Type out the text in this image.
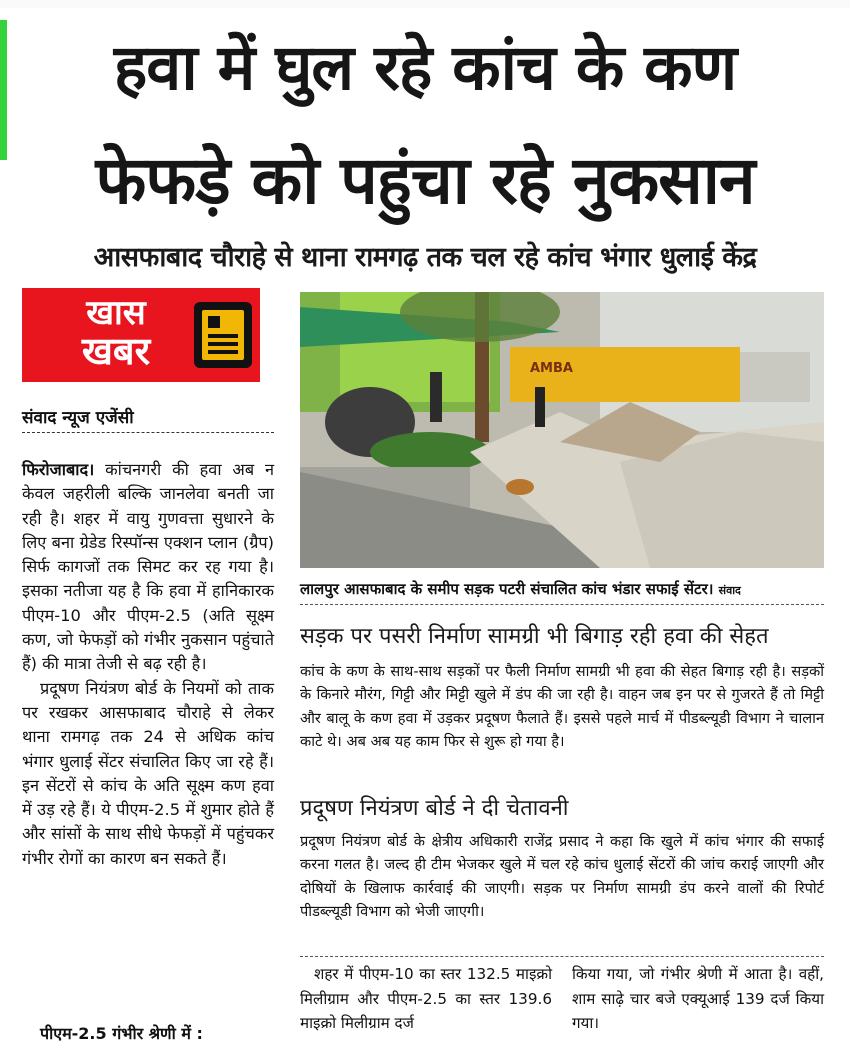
हवा में घुल रहे कांच के कण
फेफड़े को पहुंचा रहे नुकसान
आसफाबाद चौराहे से थाना रामगढ़ तक चल रहे कांच भंगार धुलाई केंद्र
खास
खबर
संवाद न्यूज एजेंसी

फिरोजाबाद। कांचनगरी की हवा अब न केवल जहरीली बल्कि जानलेवा बनती जा रही है। शहर में वायु गुणवत्ता सुधारने के लिए बना ग्रेडेड रिस्पॉन्स एक्शन प्लान (ग्रैप) सिर्फ कागजों तक सिमट कर रह गया है। इसका नतीजा यह है कि हवा में हानिकारक पीएम-10 और पीएम-2.5 (अति सूक्ष्म कण, जो फेफड़ों को गंभीर नुकसान पहुंचाते हैं) की मात्रा तेजी से बढ़ रही है।

प्रदूषण नियंत्रण बोर्ड के नियमों को ताक पर रखकर आसफाबाद चौराहे से लेकर थाना रामगढ़ तक 24 से अधिक कांच भंगार धुलाई सेंटर संचालित किए जा रहे हैं। इन सेंटरों से कांच के अति सूक्ष्म कण हवा में उड़ रहे हैं। ये पीएम-2.5 में शुमार होते हैं और सांसों के साथ सीधे फेफड़ों में पहुंचकर गंभीर रोगों का कारण बन सकते हैं।

पीएम-2.5 गंभीर श्रेणी में :
AMBA
लालपुर आसफाबाद के समीप सड़क पटरी संचालित कांच भंडार सफाई सेंटर। संवाद
सड़क पर पसरी निर्माण सामग्री भी बिगाड़ रही हवा की सेहत
कांच के कण के साथ-साथ सड़कों पर फैली निर्माण सामग्री भी हवा की सेहत बिगाड़ रही है। सड़कों के किनारे मौरंग, गिट्टी और मिट्टी खुले में डंप की जा रही है। वाहन जब इन पर से गुजरते हैं तो मिट्टी और बालू के कण हवा में उड़कर प्रदूषण फैलाते हैं। इससे पहले मार्च में पीडब्ल्यूडी विभाग ने चालान काटे थे। अब अब यह काम फिर से शुरू हो गया है।
प्रदूषण नियंत्रण बोर्ड ने दी चेतावनी
प्रदूषण नियंत्रण बोर्ड के क्षेत्रीय अधिकारी राजेंद्र प्रसाद ने कहा कि खुले में कांच भंगार की सफाई करना गलत है। जल्द ही टीम भेजकर खुले में चल रहे कांच धुलाई सेंटरों की जांच कराई जाएगी और दोषियों के खिलाफ कार्रवाई की जाएगी। सड़क पर निर्माण सामग्री डंप करने वालों की रिपोर्ट पीडब्ल्यूडी विभाग को भेजी जाएगी।
शहर में पीएम-10 का स्तर 132.5 माइक्रो मिलीग्राम और पीएम-2.5 का स्तर 139.6 माइक्रो मिलीग्राम दर्ज
किया गया, जो गंभीर श्रेणी में आता है। वहीं, शाम साढ़े चार बजे एक्यूआई 139 दर्ज किया गया।
